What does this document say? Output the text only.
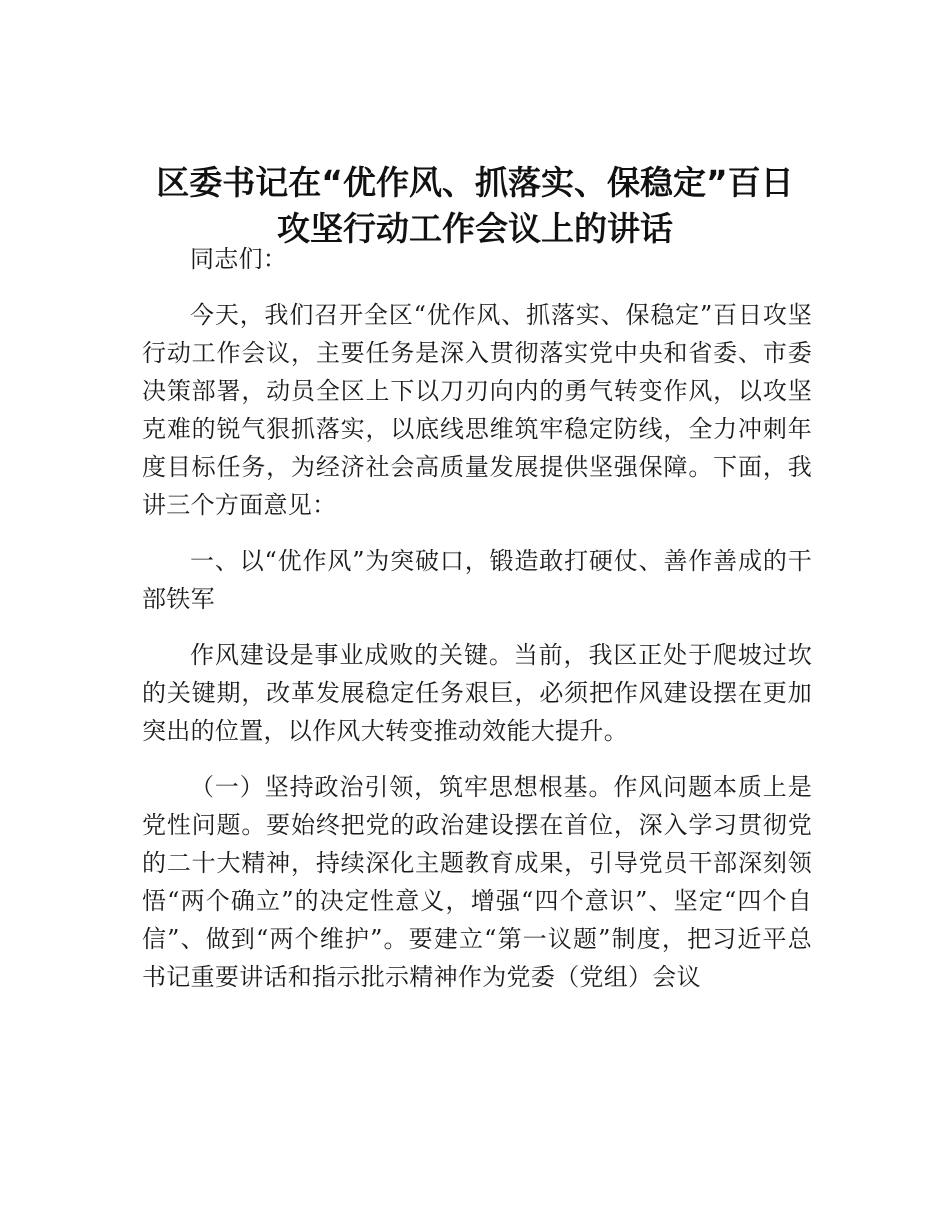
区委书记在“优作风、抓落实、保稳定”百日
攻坚行动工作会议上的讲话

同志们：

今天，我们召开全区“优作风、抓落实、保稳定”百日攻坚行动工作会议，主要任务是深入贯彻落实党中央和省委、市委决策部署，动员全区上下以刀刃向内的勇气转变作风，以攻坚克难的锐气狠抓落实，以底线思维筑牢稳定防线，全力冲刺年度目标任务，为经济社会高质量发展提供坚强保障。下面，我讲三个方面意见：

一、以“优作风”为突破口，锻造敢打硬仗、善作善成的干部铁军

作风建设是事业成败的关键。当前，我区正处于爬坡过坎的关键期，改革发展稳定任务艰巨，必须把作风建设摆在更加突出的位置，以作风大转变推动效能大提升。

（一）坚持政治引领，筑牢思想根基。作风问题本质上是党性问题。要始终把党的政治建设摆在首位，深入学习贯彻党的二十大精神，持续深化主题教育成果，引导党员干部深刻领悟“两个确立”的决定性意义，增强“四个意识”、坚定“四个自信”、做到“两个维护”。要建立“第一议题”制度，把习近平总书记重要讲话和指示批示精神作为党委（党组）会议
